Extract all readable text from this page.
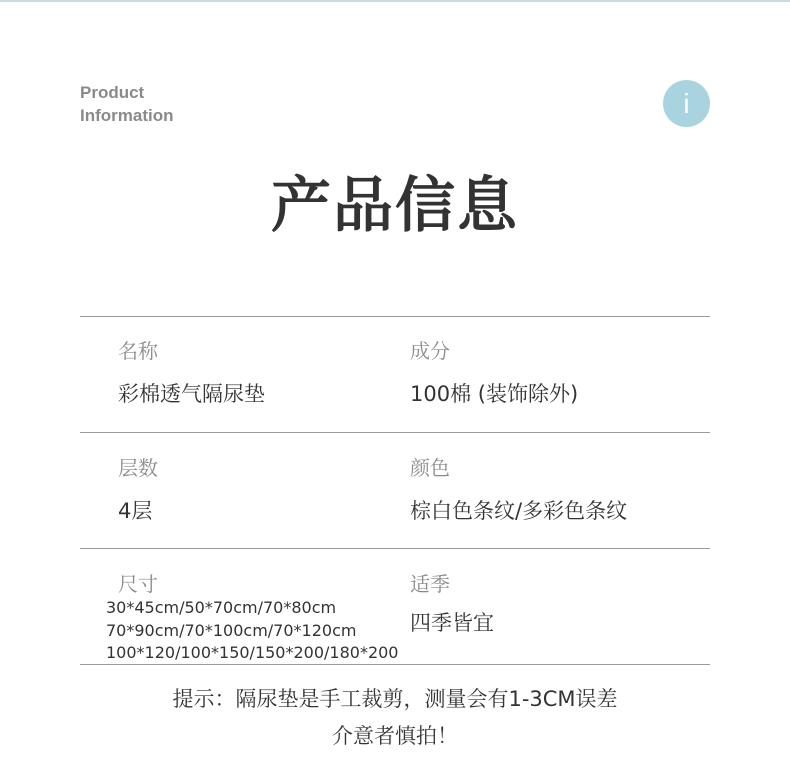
Product
Information	i
产品信息
名称
彩棉透气隔尿垫
成分
100棉 (装饰除外)
层数
4层
颜色
棕白色条纹/多彩色条纹
尺寸
30*45cm/50*70cm/70*80cm
70*90cm/70*100cm/70*120cm
100*120/100*150/150*200/180*200
适季
四季皆宜
提示：隔尿垫是手工裁剪，测量会有1-3CM误差
介意者慎拍！
